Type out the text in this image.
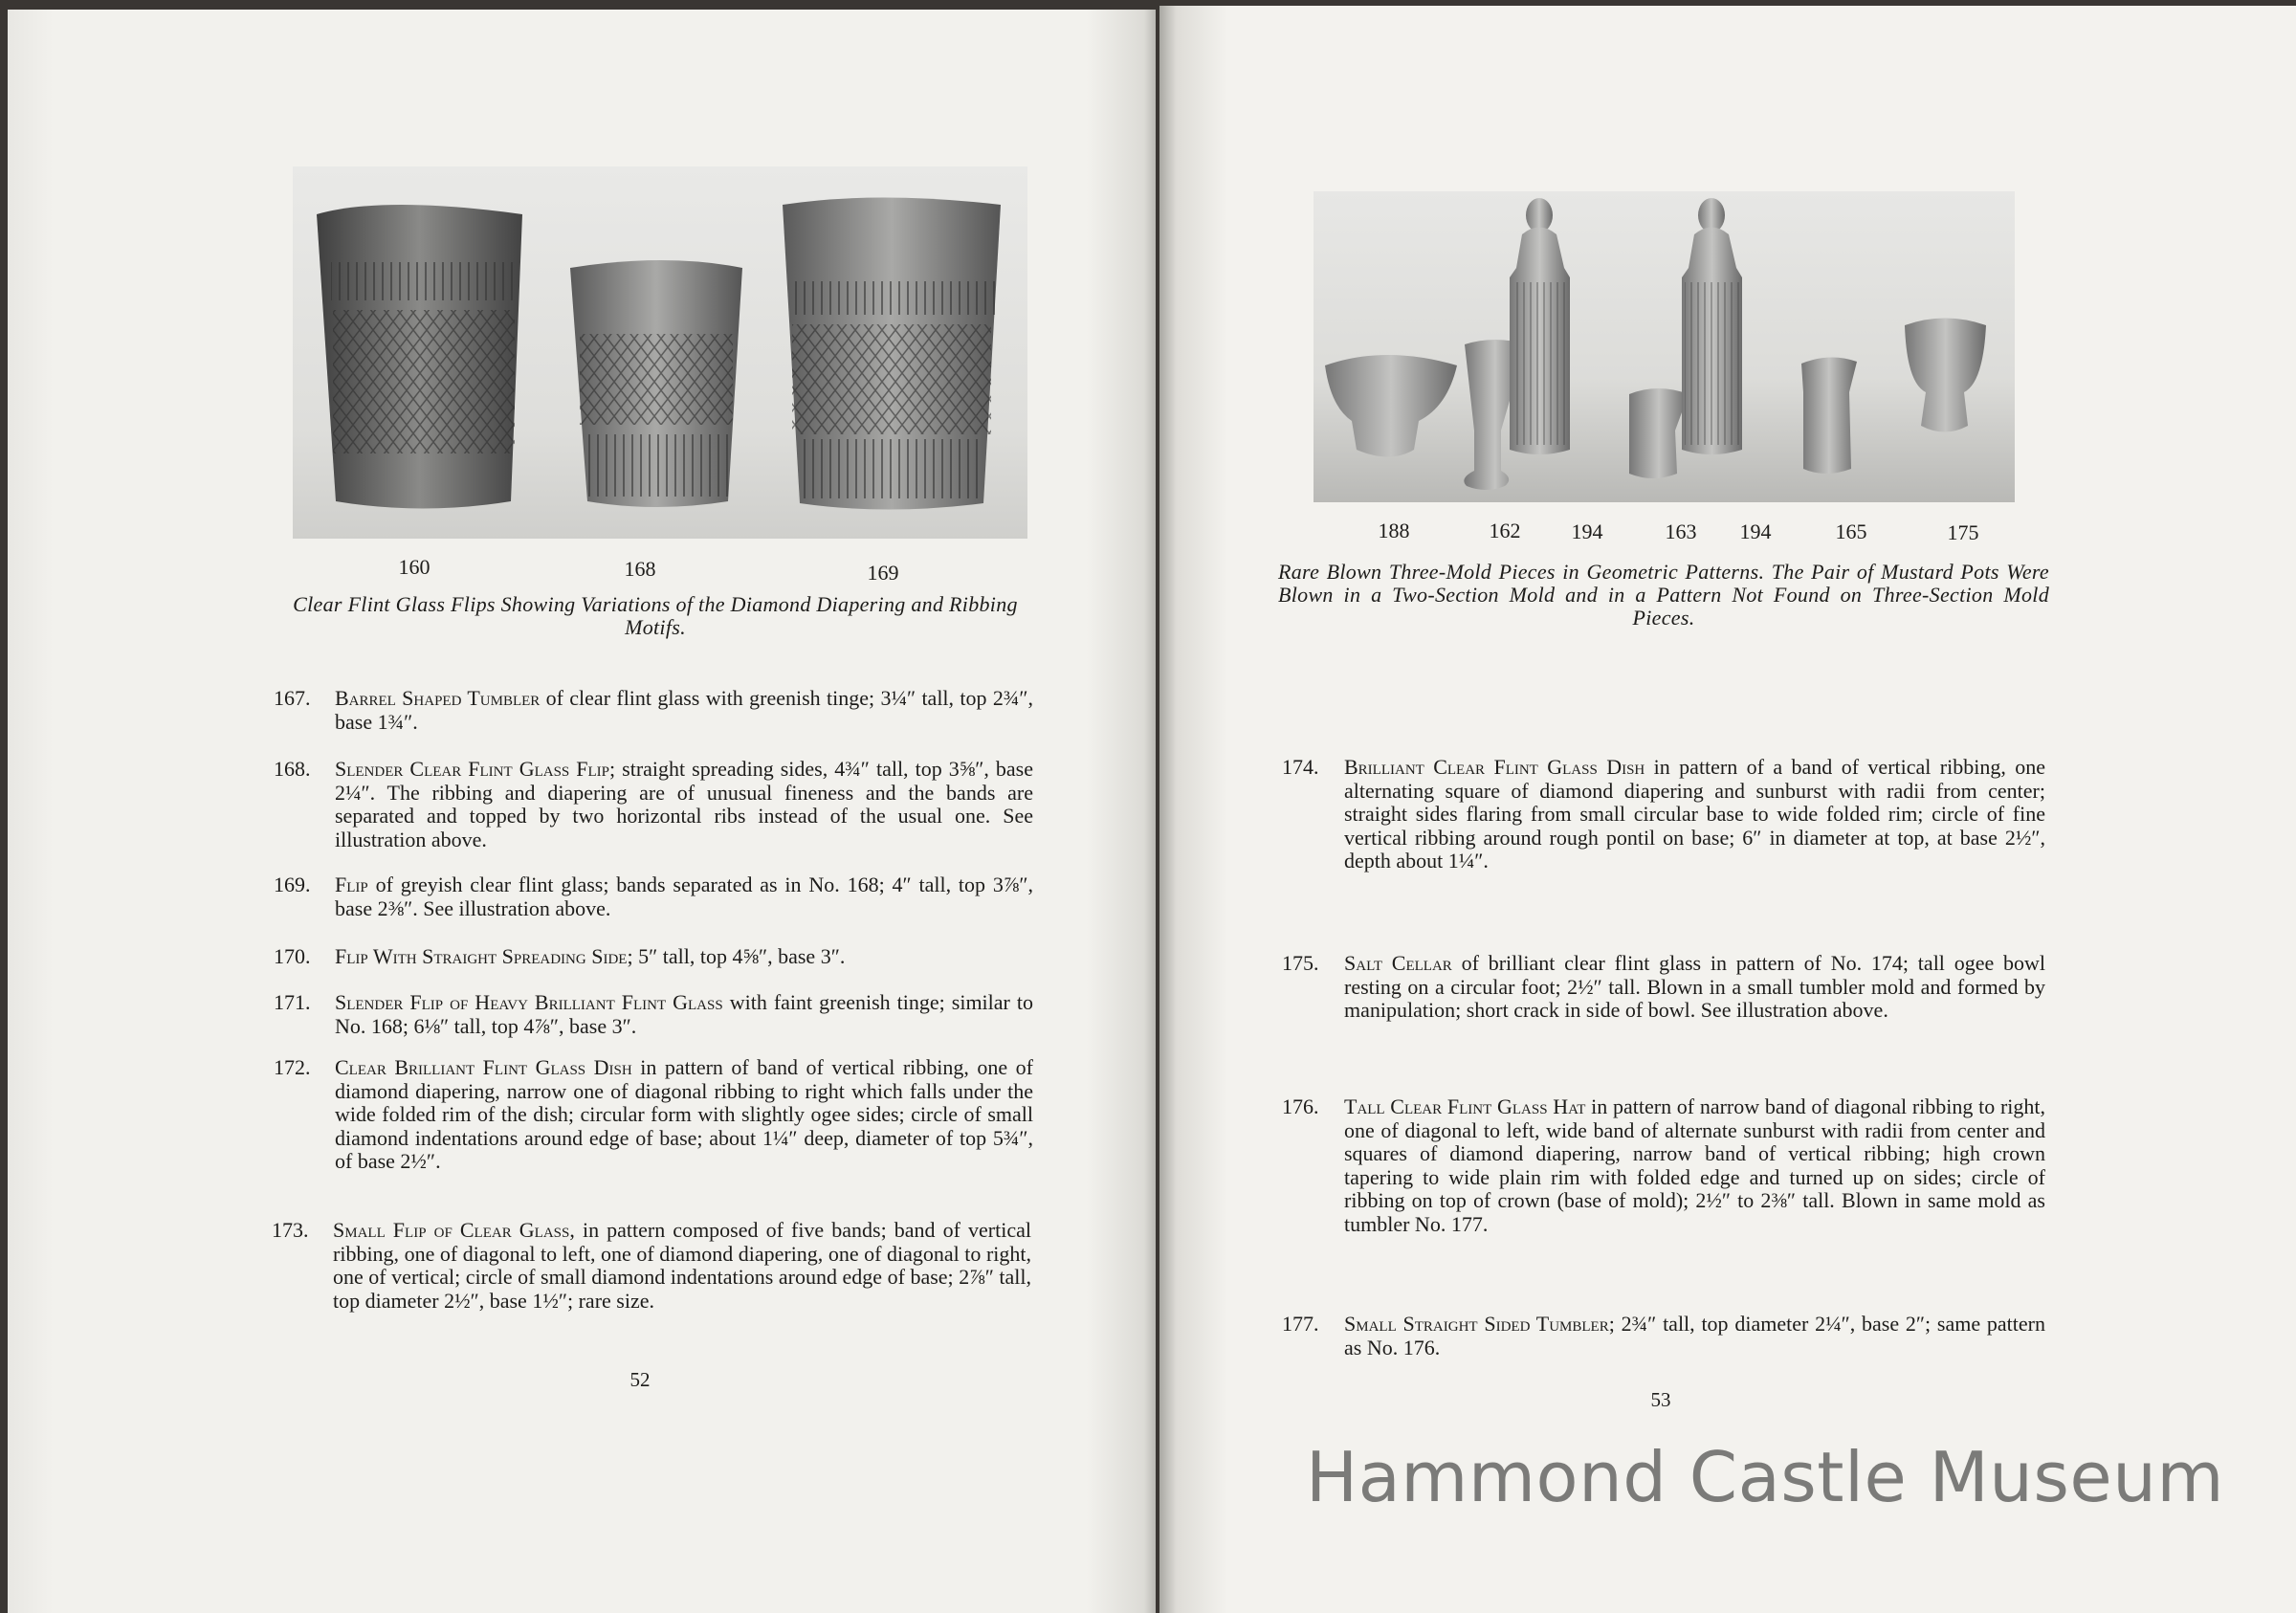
160	168	169
Clear Flint Glass Flips Showing Variations of the Diamond Diapering and Ribbing Motifs.
167. Barrel Shaped Tumbler of clear flint glass with greenish tinge; 3¼″ tall, top 2¾″, base 1¾″.
168. Slender Clear Flint Glass Flip; straight spreading sides, 4¾″ tall, top 3⅝″, base 2¼″. The ribbing and diapering are of unusual fineness and the bands are separated and topped by two horizontal ribs instead of the usual one. See illustration above.
169. Flip of greyish clear flint glass; bands separated as in No. 168; 4″ tall, top 3⅞″, base 2⅜″. See illustration above.
170. Flip With Straight Spreading Side; 5″ tall, top 4⅝″, base 3″.
171. Slender Flip of Heavy Brilliant Flint Glass with faint greenish tinge; similar to No. 168; 6⅛″ tall, top 4⅞″, base 3″.
172. Clear Brilliant Flint Glass Dish in pattern of band of vertical ribbing, one of diamond diapering, narrow one of diagonal ribbing to right which falls under the wide folded rim of the dish; circular form with slightly ogee sides; circle of small diamond indentations around edge of base; about 1¼″ deep, diameter of top 5¾″, of base 2½″.
173. Small Flip of Clear Glass, in pattern composed of five bands; band of vertical ribbing, one of diagonal to left, one of diamond diapering, one of diagonal to right, one of vertical; circle of small diamond indentations around edge of base; 2⅞″ tall, top diameter 2½″, base 1½″; rare size.
52
188	162 194	163 194	165	175
Rare Blown Three-Mold Pieces in Geometric Patterns. The Pair of Mustard Pots Were Blown in a Two-Section Mold and in a Pattern Not Found on Three-Section Mold Pieces.
174. Brilliant Clear Flint Glass Dish in pattern of a band of vertical ribbing, one alternating square of diamond diapering and sunburst with radii from center; straight sides flaring from small circular base to wide folded rim; circle of fine vertical ribbing around rough pontil on base; 6″ in diameter at top, at base 2½″, depth about 1¼″.
175. Salt Cellar of brilliant clear flint glass in pattern of No. 174; tall ogee bowl resting on a circular foot; 2½″ tall. Blown in a small tumbler mold and formed by manipulation; short crack in side of bowl. See illustration above.
176. Tall Clear Flint Glass Hat in pattern of narrow band of diagonal ribbing to right, one of diagonal to left, wide band of alternate sunburst with radii from center and squares of diamond diapering, narrow band of vertical ribbing; high crown tapering to wide plain rim with folded edge and turned up on sides; circle of ribbing on top of crown (base of mold); 2½″ to 2⅜″ tall. Blown in same mold as tumbler No. 177.
177. Small Straight Sided Tumbler; 2¾″ tall, top diameter 2¼″, base 2″; same pattern as No. 176.
53
Hammond Castle Museum
